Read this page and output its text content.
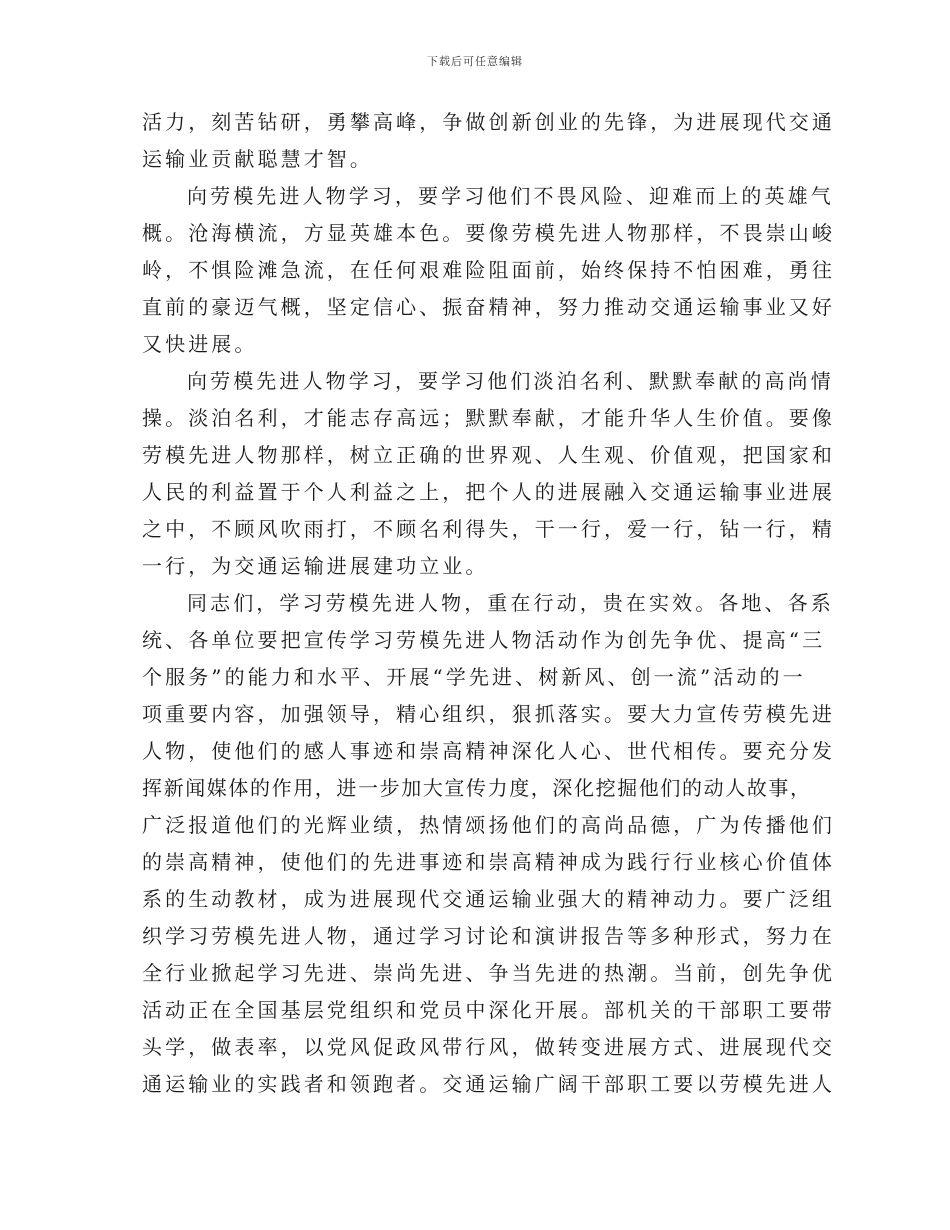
下载后可任意编辑
活力，刻苦钻研，勇攀高峰，争做创新创业的先锋，为进展现代交通
运输业贡献聪慧才智。
向劳模先进人物学习，要学习他们不畏风险、迎难而上的英雄气
概。沧海横流，方显英雄本色。要像劳模先进人物那样，不畏崇山峻
岭，不惧险滩急流，在任何艰难险阻面前，始终保持不怕困难，勇往
直前的豪迈气概，坚定信心、振奋精神，努力推动交通运输事业又好
又快进展。
向劳模先进人物学习，要学习他们淡泊名利、默默奉献的高尚情
操。淡泊名利，才能志存高远；默默奉献，才能升华人生价值。要像
劳模先进人物那样，树立正确的世界观、人生观、价值观，把国家和
人民的利益置于个人利益之上，把个人的进展融入交通运输事业进展
之中，不顾风吹雨打，不顾名利得失，干一行，爱一行，钻一行，精
一行，为交通运输进展建功立业。
同志们，学习劳模先进人物，重在行动，贵在实效。各地、各系
统、各单位要把宣传学习劳模先进人物活动作为创先争优、提高“三
个服务”的能力和水平、开展“学先进、树新风、创一流”活动的一
项重要内容，加强领导，精心组织，狠抓落实。要大力宣传劳模先进
人物，使他们的感人事迹和崇高精神深化人心、世代相传。要充分发
挥新闻媒体的作用，进一步加大宣传力度，深化挖掘他们的动人故事，
广泛报道他们的光辉业绩，热情颂扬他们的高尚品德，广为传播他们
的崇高精神，使他们的先进事迹和崇高精神成为践行行业核心价值体
系的生动教材，成为进展现代交通运输业强大的精神动力。要广泛组
织学习劳模先进人物，通过学习讨论和演讲报告等多种形式，努力在
全行业掀起学习先进、崇尚先进、争当先进的热潮。当前，创先争优
活动正在全国基层党组织和党员中深化开展。部机关的干部职工要带
头学，做表率，以党风促政风带行风，做转变进展方式、进展现代交
通运输业的实践者和领跑者。交通运输广阔干部职工要以劳模先进人
